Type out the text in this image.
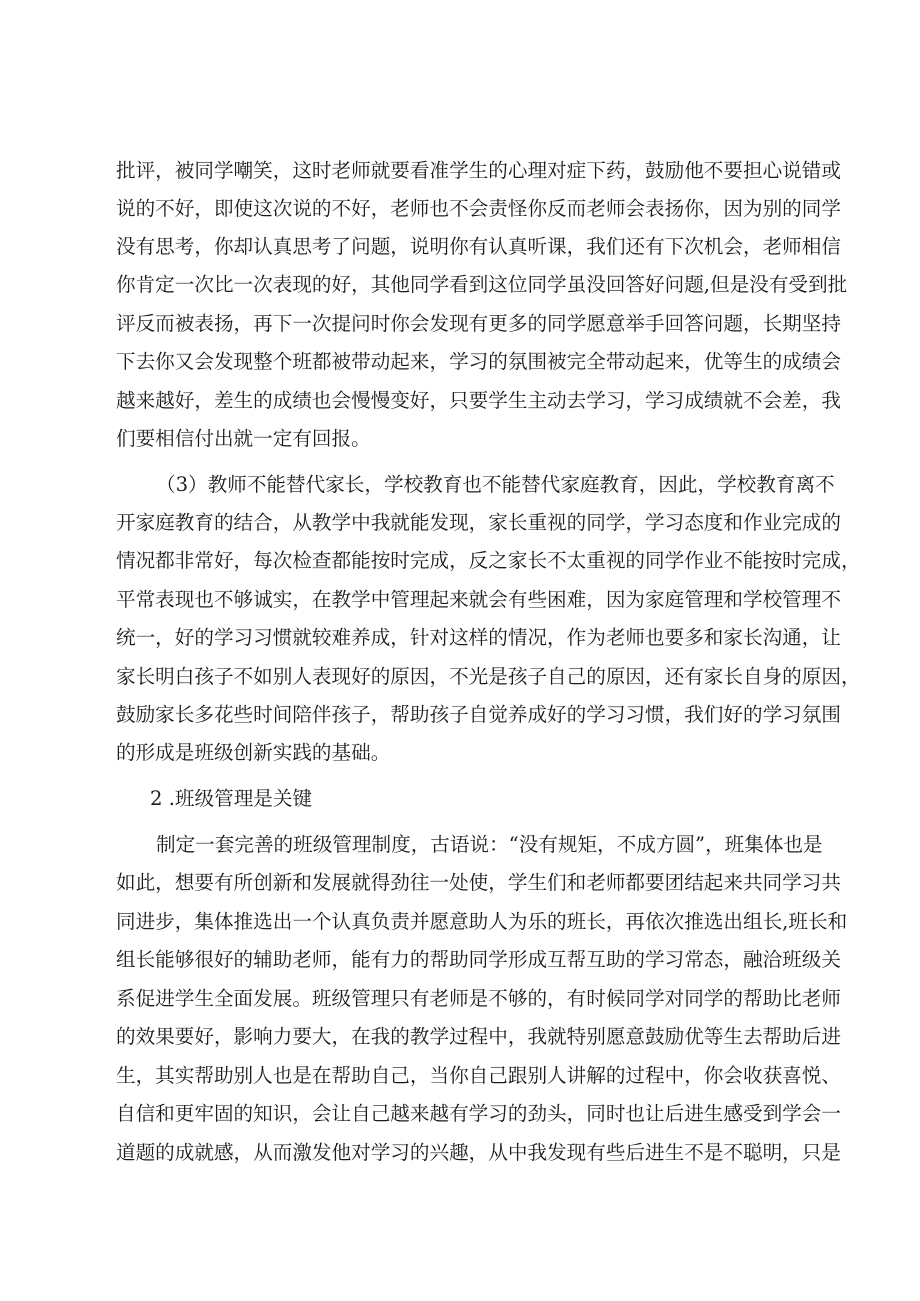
批评，被同学嘲笑，这时老师就要看准学生的心理对症下药，鼓励他不要担心说错或
说的不好，即使这次说的不好，老师也不会责怪你反而老师会表扬你，因为别的同学
没有思考，你却认真思考了问题，说明你有认真听课，我们还有下次机会，老师相信
你肯定一次比一次表现的好，其他同学看到这位同学虽没回答好问题,但是没有受到批
评反而被表扬，再下一次提问时你会发现有更多的同学愿意举手回答问题，长期坚持
下去你又会发现整个班都被带动起来，学习的氛围被完全带动起来，优等生的成绩会
越来越好，差生的成绩也会慢慢变好，只要学生主动去学习，学习成绩就不会差，我
们要相信付出就一定有回报。
（3）教师不能替代家长，学校教育也不能替代家庭教育，因此，学校教育离不
开家庭教育的结合，从教学中我就能发现，家长重视的同学，学习态度和作业完成的
情况都非常好，每次检查都能按时完成，反之家长不太重视的同学作业不能按时完成，
平常表现也不够诚实，在教学中管理起来就会有些困难，因为家庭管理和学校管理不
统一，好的学习习惯就较难养成，针对这样的情况，作为老师也要多和家长沟通，让
家长明白孩子不如别人表现好的原因，不光是孩子自己的原因，还有家长自身的原因，
鼓励家长多花些时间陪伴孩子，帮助孩子自觉养成好的学习习惯，我们好的学习氛围
的形成是班级创新实践的基础。
2 .班级管理是关键
制定一套完善的班级管理制度，古语说：“没有规矩，不成方圆”，班集体也是
如此，想要有所创新和发展就得劲往一处使，学生们和老师都要团结起来共同学习共
同进步，集体推选出一个认真负责并愿意助人为乐的班长，再依次推选出组长,班长和
组长能够很好的辅助老师，能有力的帮助同学形成互帮互助的学习常态，融洽班级关
系促进学生全面发展。班级管理只有老师是不够的，有时候同学对同学的帮助比老师
的效果要好，影响力要大，在我的教学过程中，我就特别愿意鼓励优等生去帮助后进
生，其实帮助别人也是在帮助自己，当你自己跟别人讲解的过程中，你会收获喜悦、
自信和更牢固的知识，会让自己越来越有学习的劲头，同时也让后进生感受到学会一
道题的成就感，从而激发他对学习的兴趣，从中我发现有些后进生不是不聪明，只是
